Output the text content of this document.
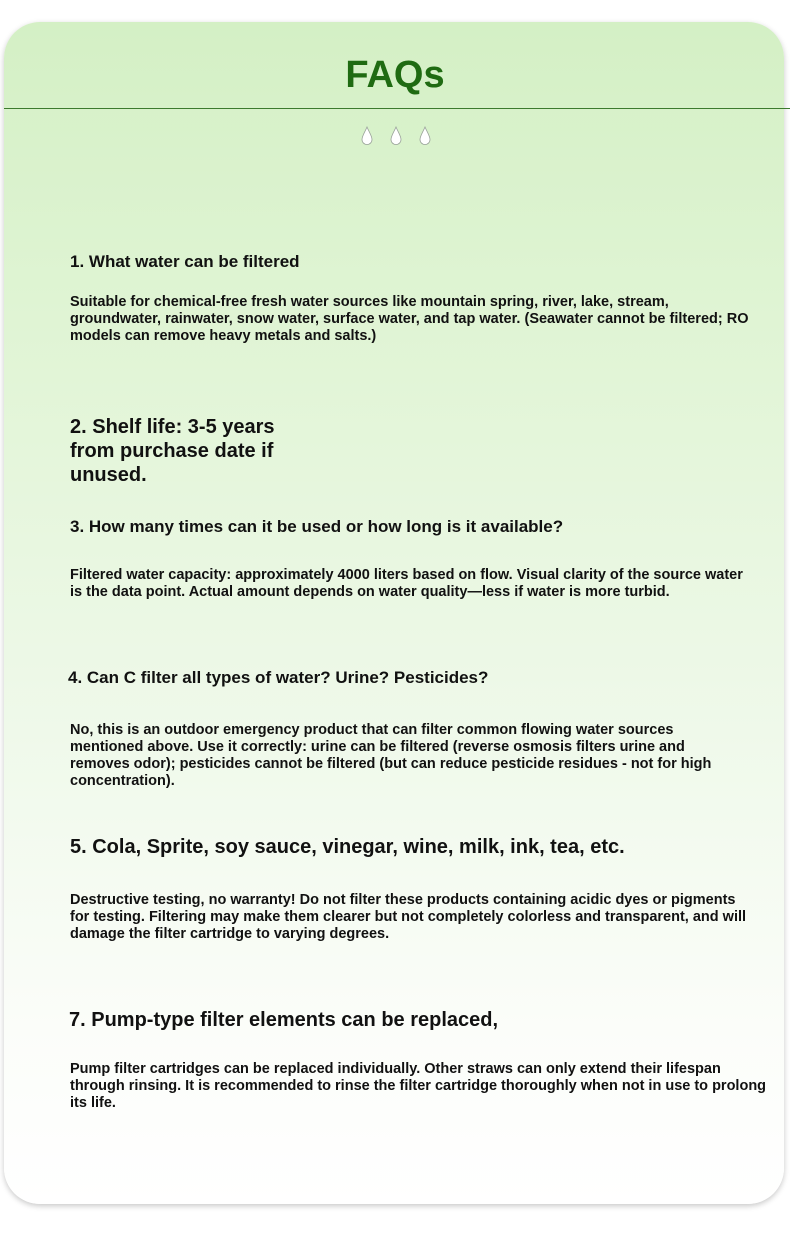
FAQs

1. What water can be filtered

Suitable for chemical-free fresh water sources like mountain spring, river, lake, stream, groundwater, rainwater, snow water, surface water, and tap water. (Seawater cannot be filtered; RO models can remove heavy metals and salts.)

2. Shelf life: 3-5 years from purchase date if unused.

3. How many times can it be used or how long is it available?

Filtered water capacity: approximately 4000 liters based on flow. Visual clarity of the source water is the data point. Actual amount depends on water quality—less if water is more turbid.

4. Can C filter all types of water? Urine? Pesticides?

No, this is an outdoor emergency product that can filter common flowing water sources mentioned above. Use it correctly: urine can be filtered (reverse osmosis filters urine and removes odor); pesticides cannot be filtered (but can reduce pesticide residues - not for high concentration).

5. Cola, Sprite, soy sauce, vinegar, wine, milk, ink, tea, etc.

Destructive testing, no warranty! Do not filter these products containing acidic dyes or pigments for testing. Filtering may make them clearer but not completely colorless and transparent, and will damage the filter cartridge to varying degrees.

7. Pump-type filter elements can be replaced,

Pump filter cartridges can be replaced individually. Other straws can only extend their lifespan through rinsing. It is recommended to rinse the filter cartridge thoroughly when not in use to prolong its life.
